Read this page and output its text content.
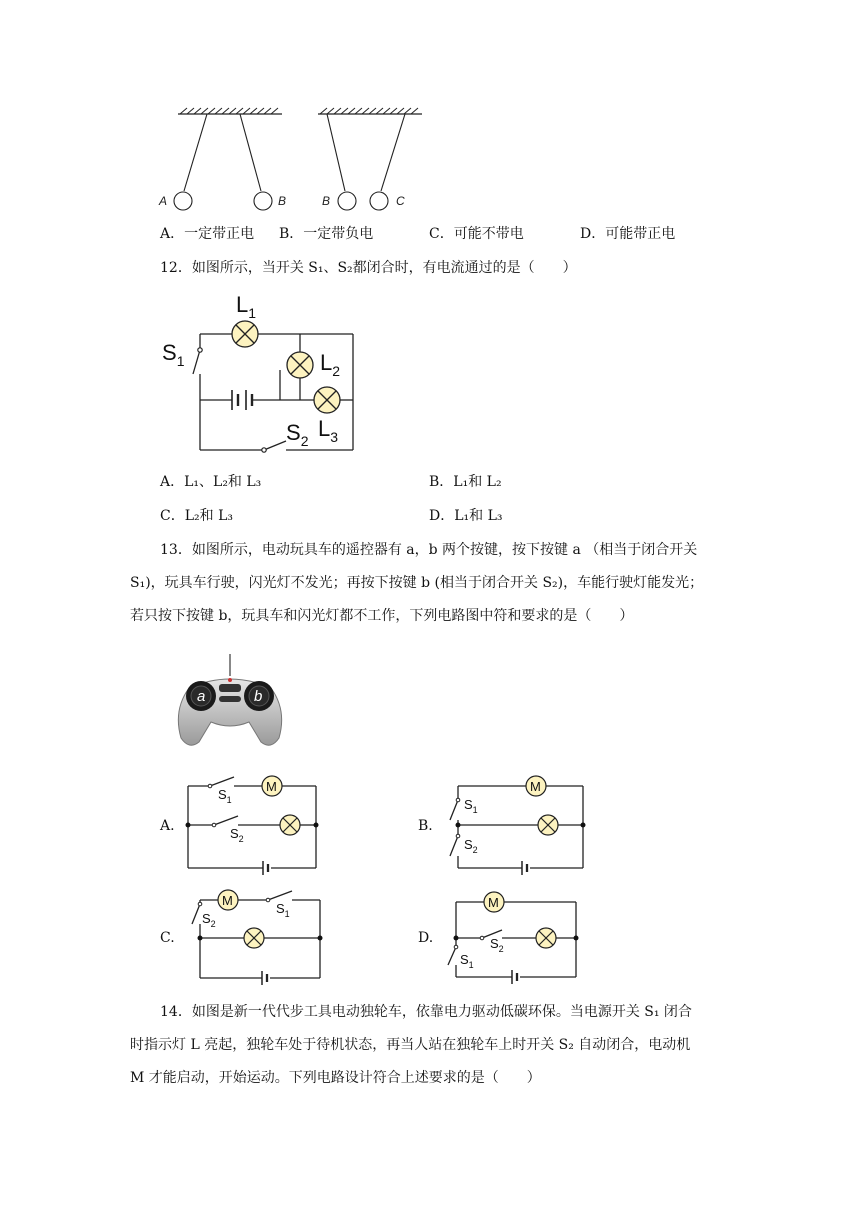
A	B	B	C
A．一定带正电 B．一定带负电	C．可能不带电	D．可能带正电
12．如图所示，当开关 S₁、S₂都闭合时，有电流通过的是（　　）
$S_1$
$L_1$
$L_2$
$L_3$
$S_2$
A．L₁、L₂和 L₃	B．L₁和 L₂
C．L₂和 L₃	D．L₁和 L₃
13．如图所示，电动玩具车的遥控器有 a，b 两个按键，按下按键 a （相当于闭合开关
S₁)，玩具车行驶，闪光灯不发光；再按下按键 b (相当于闭合开关 S₂)，车能行驶灯能发光；
若只按下按键 b，玩具车和闪光灯都不工作，下列电路图中符和要求的是（　　）
a	b
A.	B.
C.	D.
M
$S_1$
$S_2$
M
$S_1$
$S_2$
M
$S_1$
$S_2$
M
$S_2$
$S_1$
14．如图是新一代代步工具电动独轮车，依靠电力驱动低碳环保。当电源开关 S₁ 闭合
时指示灯 L 亮起，独轮车处于待机状态，再当人站在独轮车上时开关 S₂ 自动闭合，电动机
M 才能启动，开始运动。下列电路设计符合上述要求的是（　　）
